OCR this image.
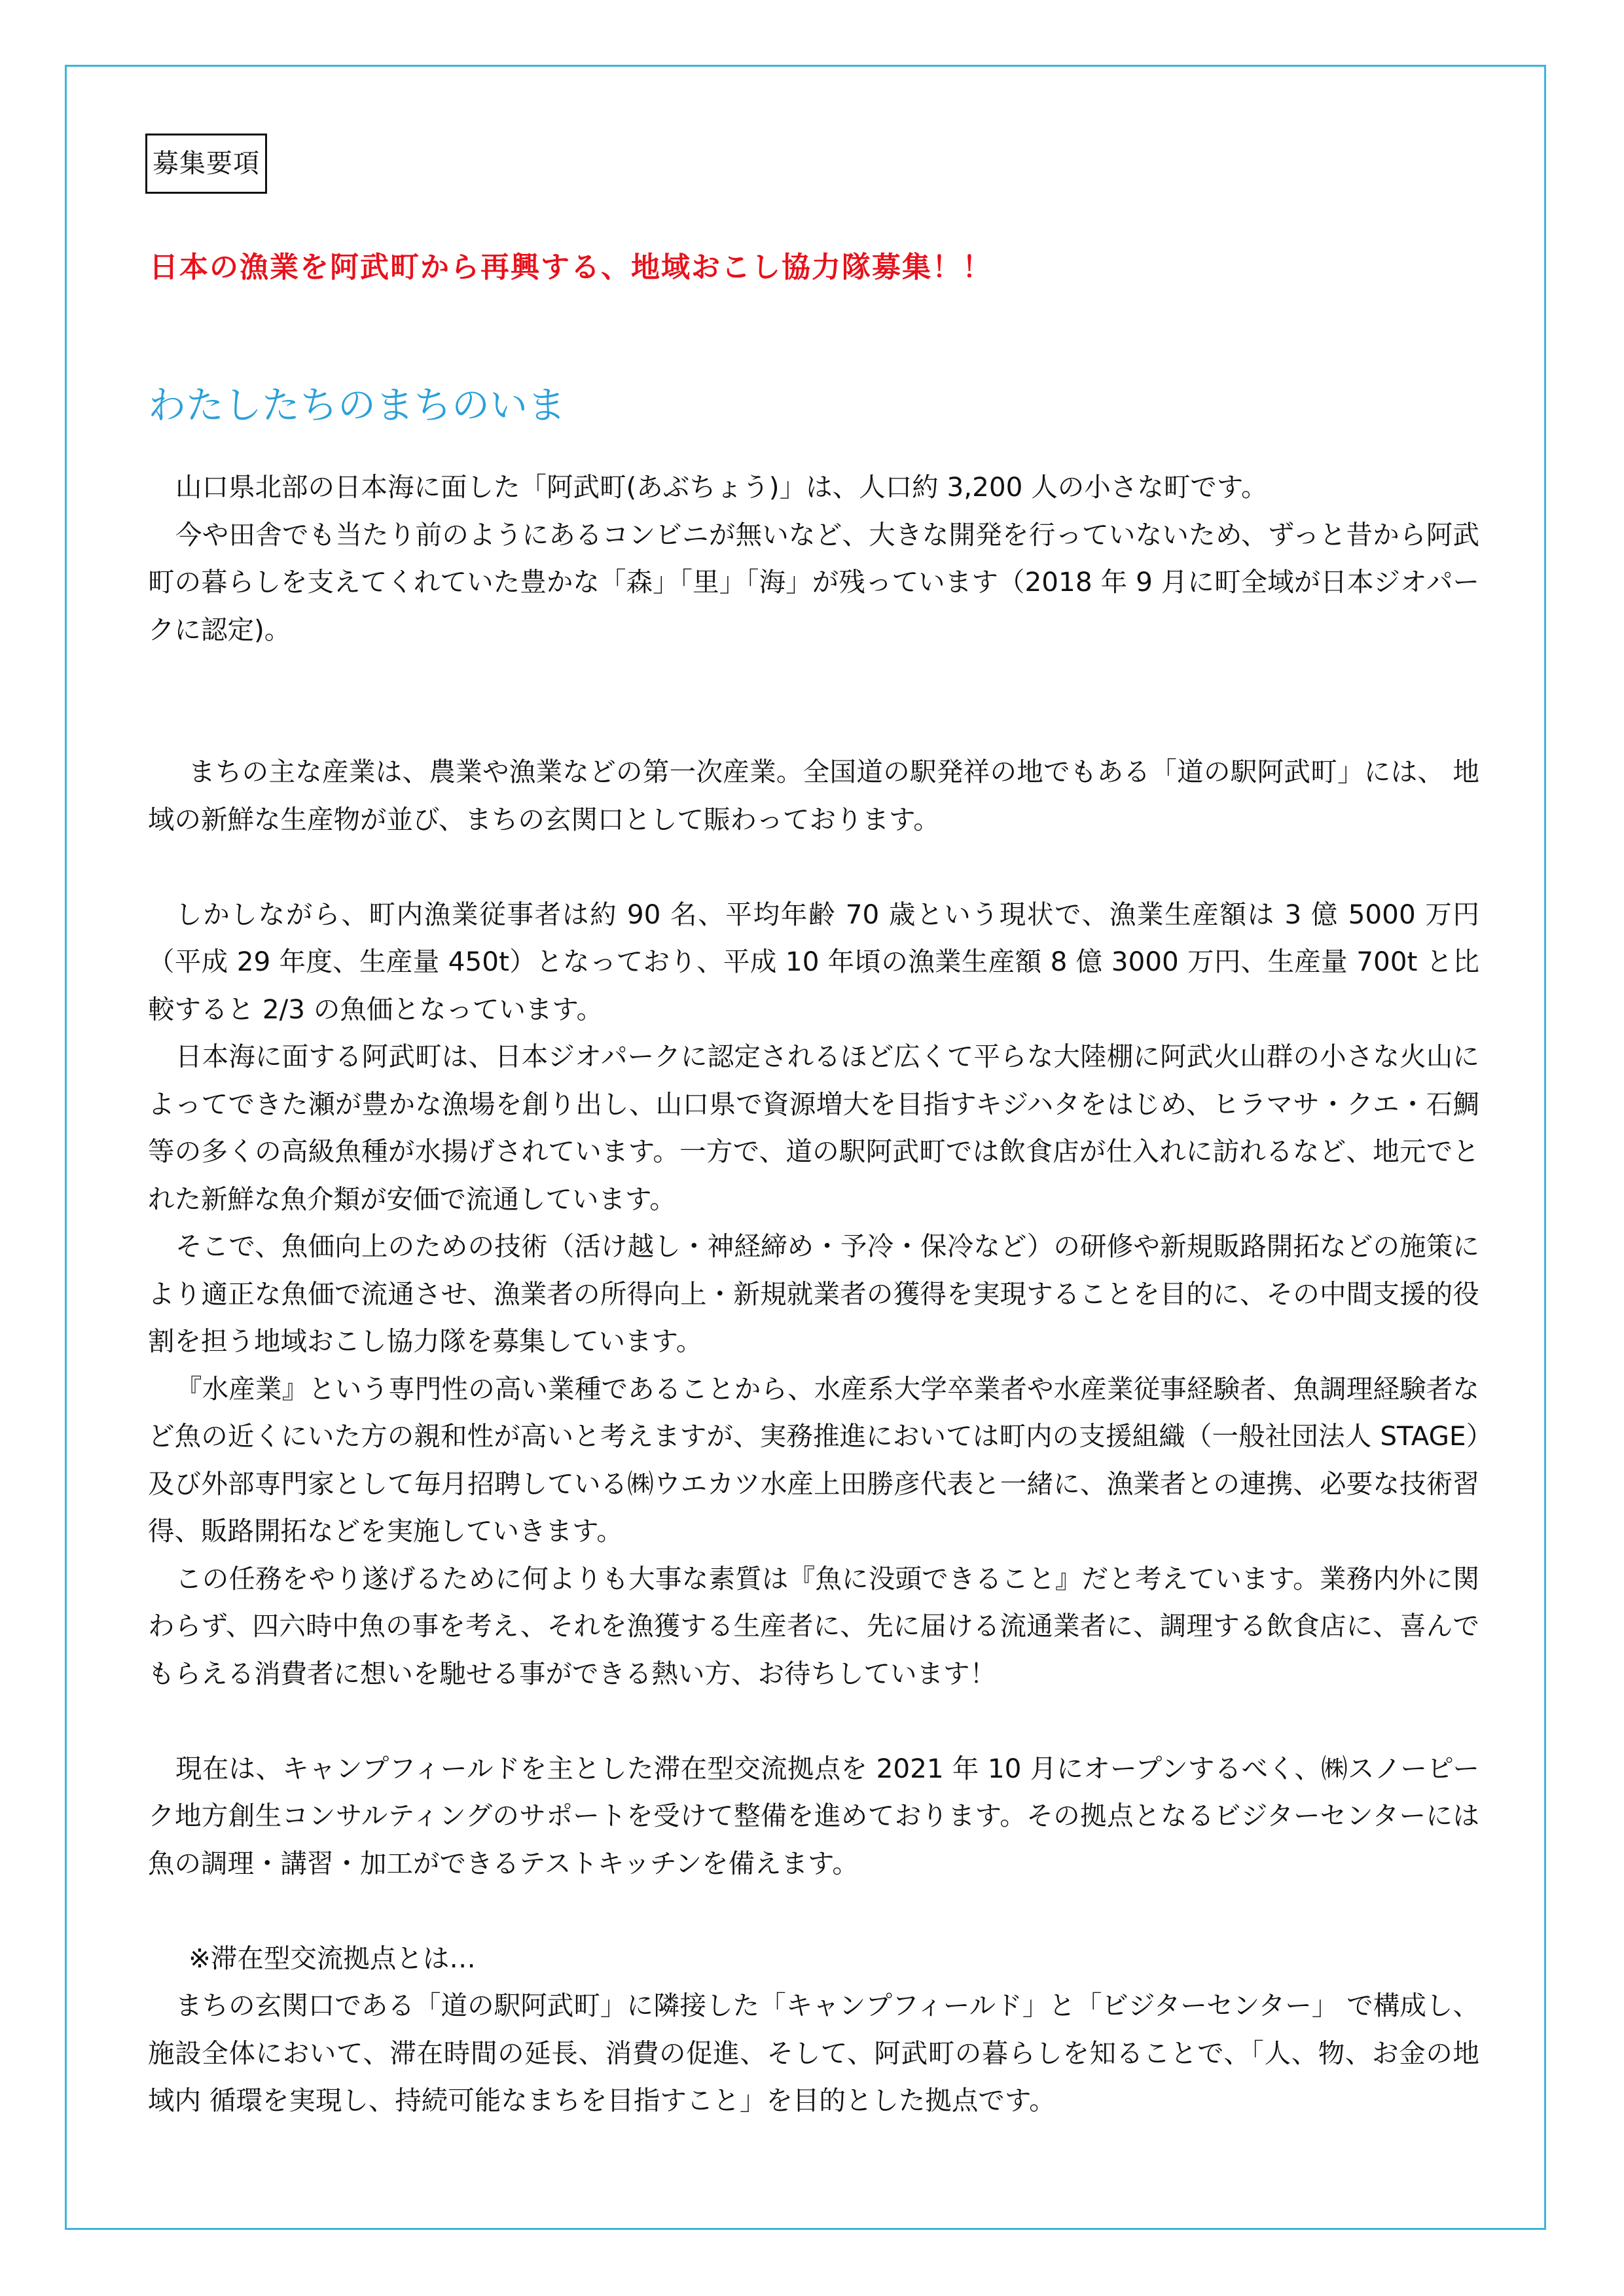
募集要項
日本の漁業を阿武町から再興する、地域おこし協力隊募集！！
わたしたちのまちのいま

山口県北部の日本海に面した「阿武町(あぶちょう)」は、人口約 3,200 人の小さな町です。

今や田舎でも当たり前のようにあるコンビニが無いなど、大きな開発を行っていないため、ずっと昔から阿武町の暮らしを支えてくれていた豊かな「森」「里」「海」が残っています（2018 年 9 月に町全域が日本ジオパークに認定)。

まちの主な産業は、農業や漁業などの第一次産業。全国道の駅発祥の地でもある「道の駅阿武町」には、 地域の新鮮な生産物が並び、まちの玄関口として賑わっております。

しかしながら、町内漁業従事者は約 90 名、平均年齢 70 歳という現状で、漁業生産額は 3 億 5000 万円（平成 29 年度、生産量 450t）となっており、平成 10 年頃の漁業生産額 8 億 3000 万円、生産量 700t と比較すると 2/3 の魚価となっています。

日本海に面する阿武町は、日本ジオパークに認定されるほど広くて平らな大陸棚に阿武火山群の小さな火山によってできた瀬が豊かな漁場を創り出し、山口県で資源増大を目指すキジハタをはじめ、ヒラマサ・クエ・石鯛等の多くの高級魚種が水揚げされています。一方で、道の駅阿武町では飲食店が仕入れに訪れるなど、地元でとれた新鮮な魚介類が安価で流通しています。

そこで、魚価向上のための技術（活け越し・神経締め・予冷・保冷など）の研修や新規販路開拓などの施策により適正な魚価で流通させ、漁業者の所得向上・新規就業者の獲得を実現することを目的に、その中間支援的役割を担う地域おこし協力隊を募集しています。

『水産業』という専門性の高い業種であることから、水産系大学卒業者や水産業従事経験者、魚調理経験者など魚の近くにいた方の親和性が高いと考えますが、実務推進においては町内の支援組織（一般社団法人 STAGE）及び外部専門家として毎月招聘している㈱ウエカツ水産上田勝彦代表と一緒に、漁業者との連携、必要な技術習得、販路開拓などを実施していきます。

この任務をやり遂げるために何よりも大事な素質は『魚に没頭できること』だと考えています。業務内外に関わらず、四六時中魚の事を考え、それを漁獲する生産者に、先に届ける流通業者に、調理する飲食店に、喜んでもらえる消費者に想いを馳せる事ができる熱い方、お待ちしています！

現在は、キャンプフィールドを主とした滞在型交流拠点を 2021 年 10 月にオープンするべく、㈱スノーピーク地方創生コンサルティングのサポートを受けて整備を進めております。その拠点となるビジターセンターには魚の調理・講習・加工ができるテストキッチンを備えます。

※滞在型交流拠点とは…

まちの玄関口である「道の駅阿武町」に隣接した「キャンプフィールド」と「ビジターセンター」 で構成し、施設全体において、滞在時間の延長、消費の促進、そして、阿武町の暮らしを知ることで、「人、物、お金の地域内 循環を実現し、持続可能なまちを目指すこと」を目的とした拠点です。
